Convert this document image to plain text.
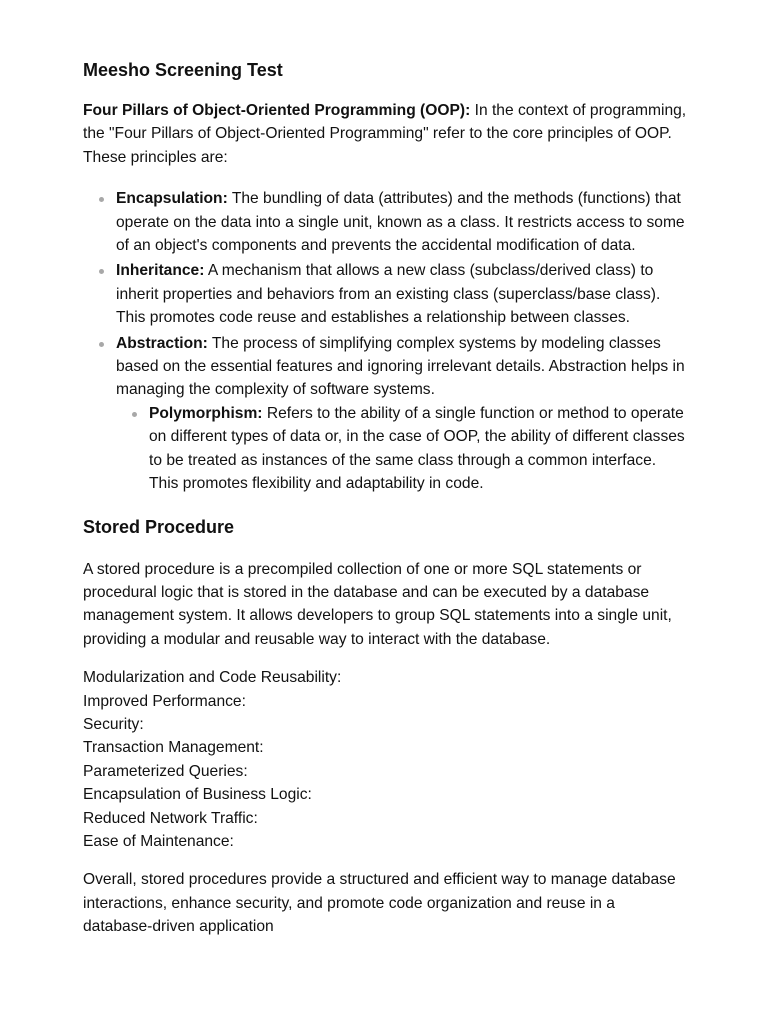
Meesho Screening Test

Four Pillars of Object-Oriented Programming (OOP): In the context of programming, the "Four Pillars of Object-Oriented Programming" refer to the core principles of OOP. These principles are:

Encapsulation: The bundling of data (attributes) and the methods (functions) that operate on the data into a single unit, known as a class. It restricts access to some of an object's components and prevents the accidental modification of data.
Inheritance: A mechanism that allows a new class (subclass/derived class) to inherit properties and behaviors from an existing class (superclass/base class). This promotes code reuse and establishes a relationship between classes.
Abstraction: The process of simplifying complex systems by modeling classes based on the essential features and ignoring irrelevant details. Abstraction helps in managing the complexity of software systems.
Polymorphism: Refers to the ability of a single function or method to operate on different types of data or, in the case of OOP, the ability of different classes to be treated as instances of the same class through a common interface. This promotes flexibility and adaptability in code.
Stored Procedure

A stored procedure is a precompiled collection of one or more SQL statements or procedural logic that is stored in the database and can be executed by a database management system. It allows developers to group SQL statements into a single unit, providing a modular and reusable way to interact with the database.

Modularization and Code Reusability:
Improved Performance:
Security:
Transaction Management:
Parameterized Queries:
Encapsulation of Business Logic:
Reduced Network Traffic:
Ease of Maintenance:

Overall, stored procedures provide a structured and efficient way to manage database interactions, enhance security, and promote code organization and reuse in a database-driven application
